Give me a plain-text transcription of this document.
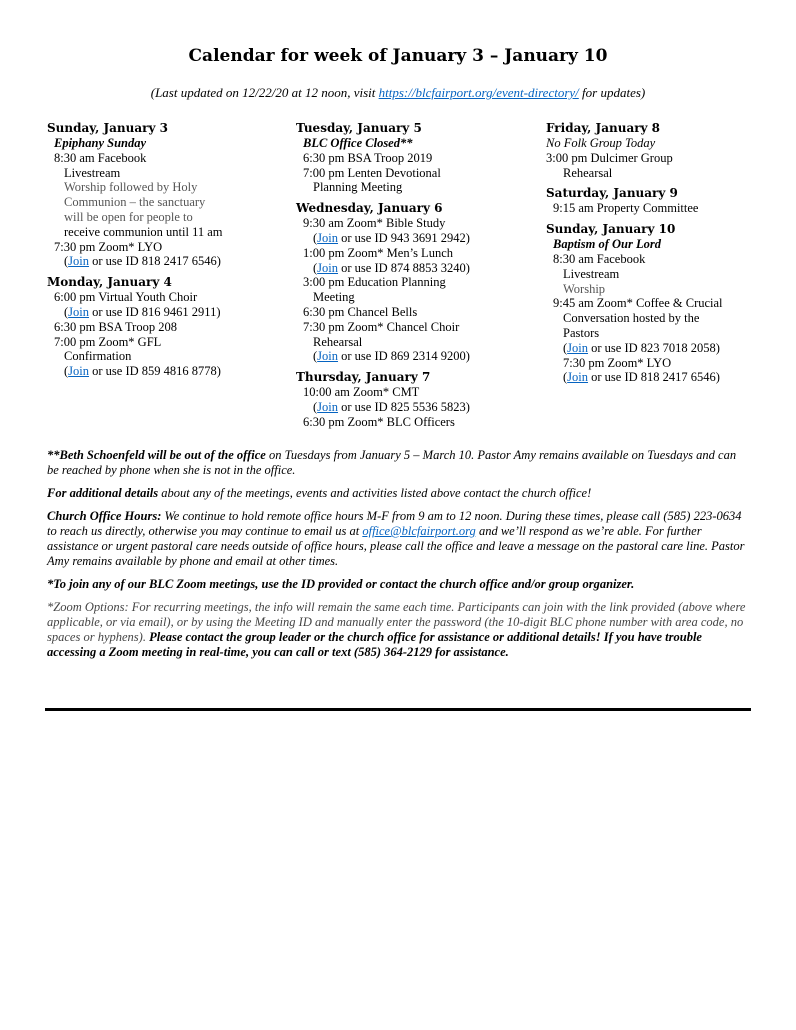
Calendar for week of January 3 – January 10
(Last updated on 12/22/20 at 12 noon, visit https://blcfairport.org/event-directory/ for updates)
Sunday, January 3
Epiphany Sunday
8:30 am Facebook
Livestream
Worship followed by Holy
Communion – the sanctuary
will be open for people to
receive communion until 11 am
7:30 pm Zoom* LYO
(Join or use ID 818 2417 6546)
Monday, January 4
6:00 pm Virtual Youth Choir
(Join or use ID 816 9461 2911)
6:30 pm BSA Troop 208
7:00 pm Zoom* GFL
Confirmation
(Join or use ID 859 4816 8778)
Tuesday, January 5
BLC Office Closed**
6:30 pm BSA Troop 2019
7:00 pm Lenten Devotional
Planning Meeting
Wednesday, January 6
9:30 am Zoom* Bible Study
(Join or use ID 943 3691 2942)
1:00 pm Zoom* Men’s Lunch
(Join or use ID 874 8853 3240)
3:00 pm Education Planning
Meeting
6:30 pm Chancel Bells
7:30 pm Zoom* Chancel Choir
Rehearsal
(Join or use ID 869 2314 9200)
Thursday, January 7
10:00 am Zoom* CMT
(Join or use ID 825 5536 5823)
6:30 pm Zoom* BLC Officers
Friday, January 8
No Folk Group Today
3:00 pm Dulcimer Group
Rehearsal
Saturday, January 9
9:15 am Property Committee
Sunday, January 10
Baptism of Our Lord
8:30 am Facebook
Livestream
Worship
9:45 am Zoom* Coffee & Crucial
Conversation hosted by the
Pastors
(Join or use ID 823 7018 2058)
7:30 pm Zoom* LYO
(Join or use ID 818 2417 6546)

**Beth Schoenfeld will be out of the office on Tuesdays from January 5 – March 10. Pastor Amy remains available on Tuesdays and can be reached by phone when she is not in the office.

For additional details about any of the meetings, events and activities listed above contact the church office!

Church Office Hours: We continue to hold remote office hours M-F from 9 am to 12 noon. During these times, please call (585) 223-0634 to reach us directly, otherwise you may continue to email us at office@blcfairport.org and we’ll respond as we’re able. For further assistance or urgent pastoral care needs outside of office hours, please call the office and leave a message on the pastoral care line. Pastor Amy remains available by phone and email at other times.

*To join any of our BLC Zoom meetings, use the ID provided or contact the church office and/or group organizer.

*Zoom Options: For recurring meetings, the info will remain the same each time. Participants can join with the link provided (above where applicable, or via email), or by using the Meeting ID and manually enter the password (the 10-digit BLC phone number with area code, no spaces or hyphens). Please contact the group leader or the church office for assistance or additional details! If you have trouble accessing a Zoom meeting in real-time, you can call or text (585) 364-2129 for assistance.
